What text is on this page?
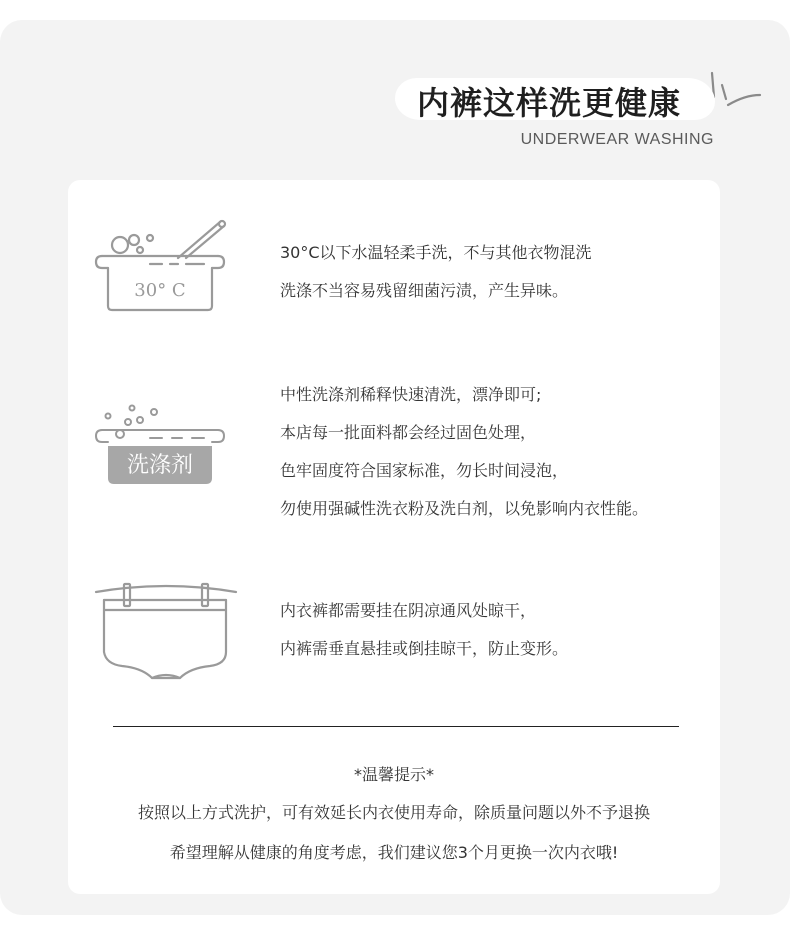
内裤这样洗更健康
UNDERWEAR WASHING
30° C
30°C以下水温轻柔手洗，不与其他衣物混洗
洗涤不当容易残留细菌污渍，产生异味。
洗涤剂
中性洗涤剂稀释快速清洗，漂净即可;
本店每一批面料都会经过固色处理，
色牢固度符合国家标准，勿长时间浸泡，
勿使用强碱性洗衣粉及洗白剂，以免影响内衣性能。
内衣裤都需要挂在阴凉通风处晾干，
内裤需垂直悬挂或倒挂晾干，防止变形。
*温馨提示*
按照以上方式洗护，可有效延长内衣使用寿命，除质量问题以外不予退换
希望理解从健康的角度考虑，我们建议您3个月更换一次内衣哦!
